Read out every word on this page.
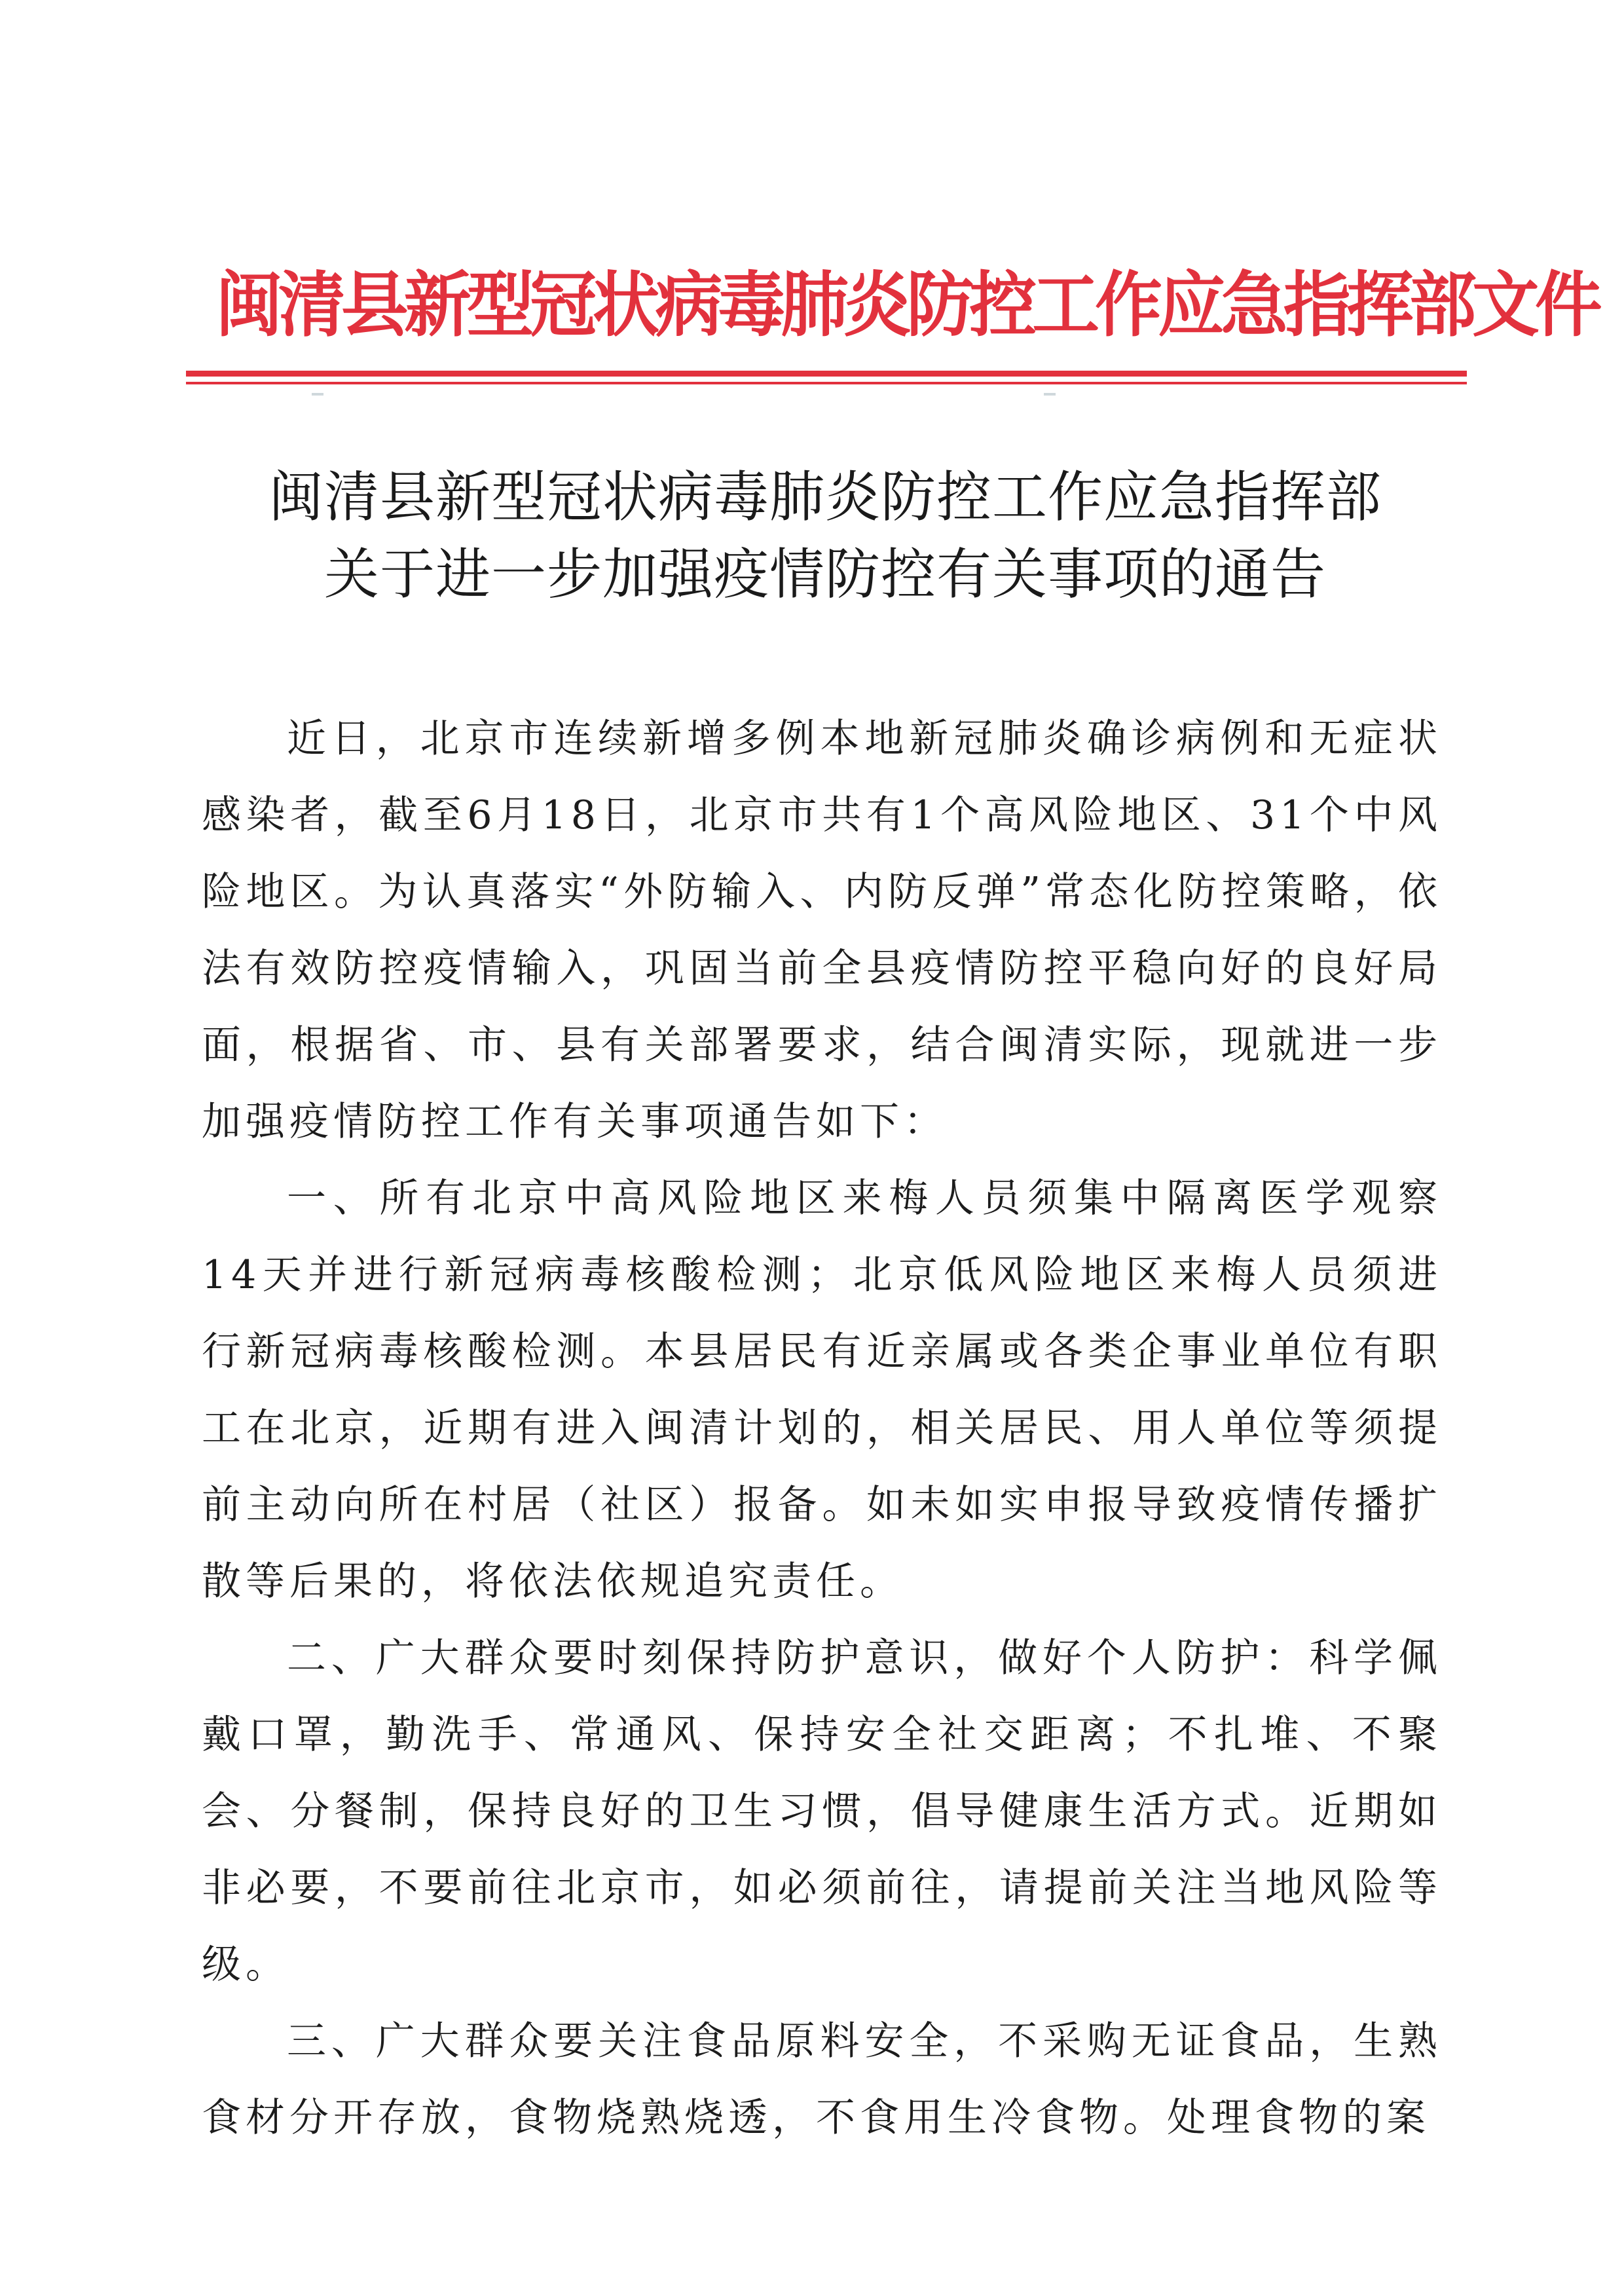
闽清县新型冠状病毒肺炎防控工作应急指挥部文件
闽清县新型冠状病毒肺炎防控工作应急指挥部
关于进一步加强疫情防控有关事项的通告

近日，北京市连续新增多例本地新冠肺炎确诊病例和无症状感染者，截至6月18日，北京市共有1个高风险地区、31个中风险地区。为认真落实“外防输入、内防反弹”常态化防控策略，依法有效防控疫情输入，巩固当前全县疫情防控平稳向好的良好局面，根据省、市、县有关部署要求，结合闽清实际，现就进一步加强疫情防控工作有关事项通告如下：

一、所有北京中高风险地区来梅人员须集中隔离医学观察14天并进行新冠病毒核酸检测；北京低风险地区来梅人员须进行新冠病毒核酸检测。本县居民有近亲属或各类企事业单位有职工在北京，近期有进入闽清计划的，相关居民、用人单位等须提前主动向所在村居（社区）报备。如未如实申报导致疫情传播扩散等后果的，将依法依规追究责任。

二、广大群众要时刻保持防护意识，做好个人防护：科学佩戴口罩，勤洗手、常通风、保持安全社交距离；不扎堆、不聚会、分餐制，保持良好的卫生习惯，倡导健康生活方式。近期如非必要，不要前往北京市，如必须前往，请提前关注当地风险等级。

三、广大群众要关注食品原料安全，不采购无证食品，生熟食材分开存放，食物烧熟烧透，不食用生冷食物。处理食物的案
